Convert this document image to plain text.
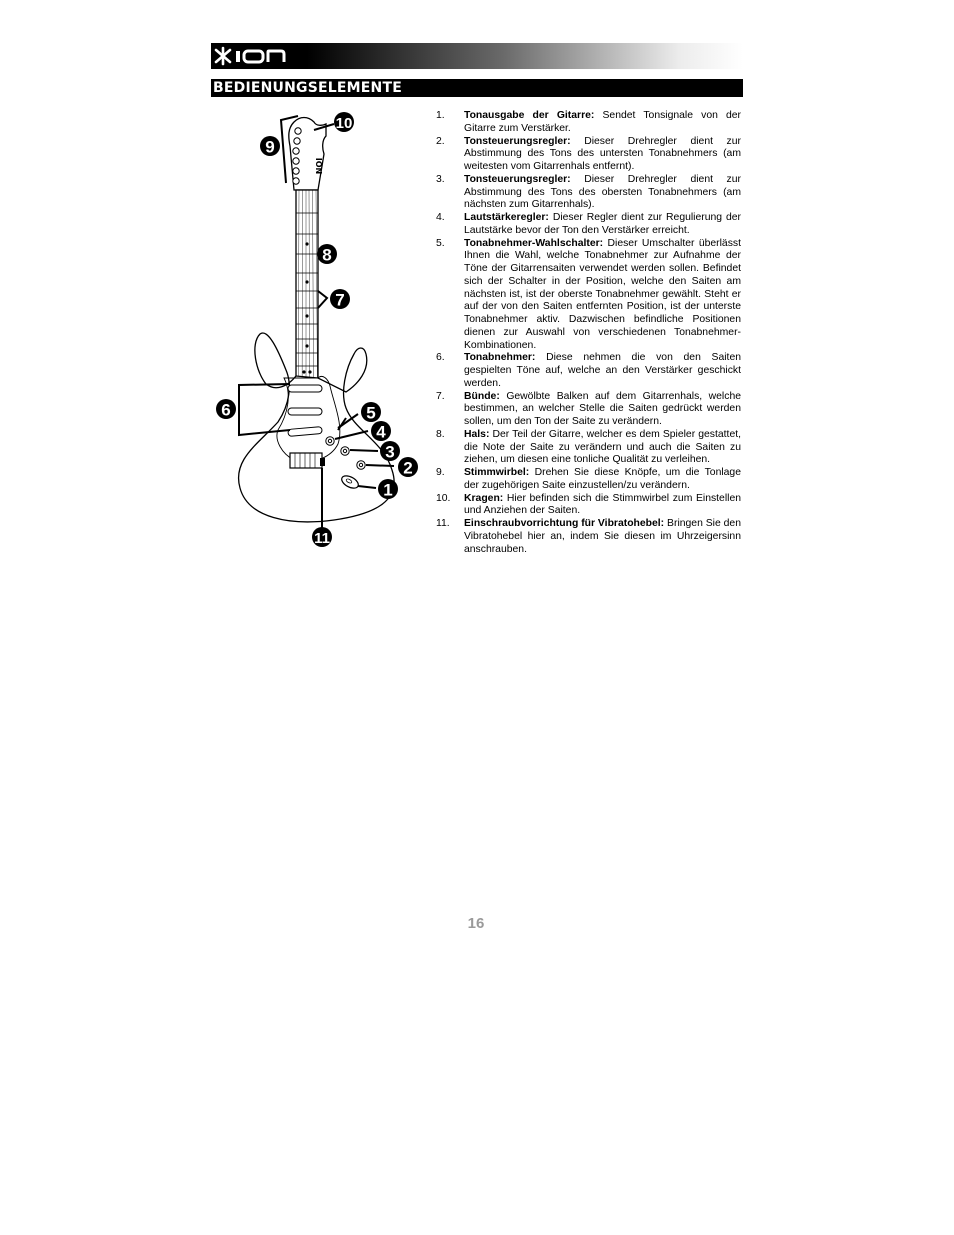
BEDIENUNGSELEMENTE
ION
1
2
3
4
5
6
7
8
9
10
11
1. Tonausgabe der Gitarre: Sendet Tonsignale von der Gitarre zum Verstärker.
2. Tonsteuerungsregler: Dieser Drehregler dient zur Abstimmung des Tons des untersten Tonabnehmers (am weitesten vom Gitarrenhals entfernt).
3. Tonsteuerungsregler: Dieser Drehregler dient zur Abstimmung des Tons des obersten Tonabnehmers (am nächsten zum Gitarrenhals).
4. Lautstärkeregler: Dieser Regler dient zur Regulierung der Lautstärke bevor der Ton den Verstärker erreicht.
5. Tonabnehmer-Wahlschalter: Dieser Umschalter überlässt Ihnen die Wahl, welche Tonabnehmer zur Aufnahme der Töne der Gitarrensaiten verwendet werden sollen. Befindet sich der Schalter in der Position, welche den Saiten am nächsten ist, ist der oberste Tonabnehmer gewählt. Steht er auf der von den Saiten entfernten Position, ist der unterste Tonabnehmer aktiv. Dazwischen befindliche Positionen dienen zur Auswahl von verschiedenen Tonabnehmer-Kombinationen.
6. Tonabnehmer: Diese nehmen die von den Saiten gespielten Töne auf, welche an den Verstärker geschickt werden.
7. Bünde: Gewölbte Balken auf dem Gitarrenhals, welche bestimmen, an welcher Stelle die Saiten gedrückt werden sollen, um den Ton der Saite zu verändern.
8. Hals: Der Teil der Gitarre, welcher es dem Spieler gestattet, die Note der Saite zu verändern und auch die Saiten zu ziehen, um diesen eine tonliche Qualität zu verleihen.
9. Stimmwirbel: Drehen Sie diese Knöpfe, um die Tonlage der zugehörigen Saite einzustellen/zu verändern.
10. Kragen: Hier befinden sich die Stimmwirbel zum Einstellen und Anziehen der Saiten.
11. Einschraubvorrichtung für Vibratohebel: Bringen Sie den Vibratohebel hier an, indem Sie diesen im Uhrzeigersinn anschrauben.
16
